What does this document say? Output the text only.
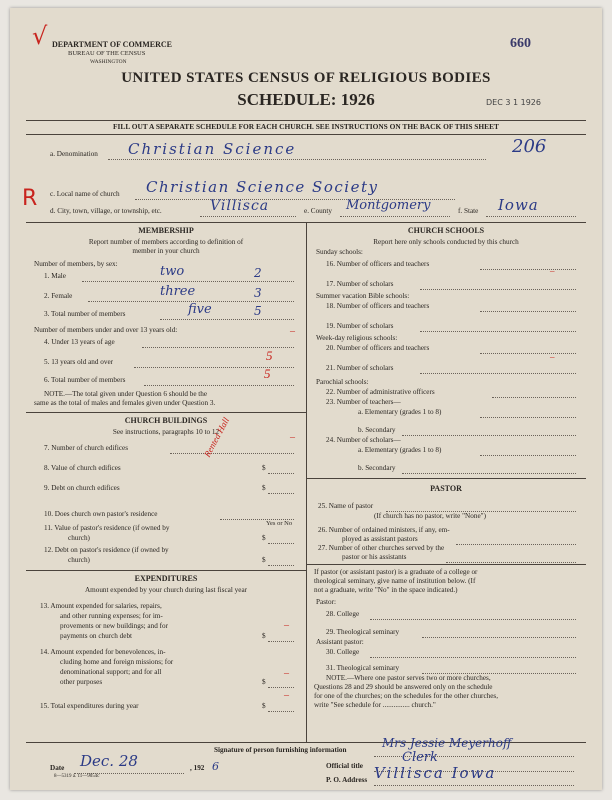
√
R
DEPARTMENT OF COMMERCE
BUREAU OF THE CENSUS
WASHINGTON
660
UNITED STATES CENSUS OF RELIGIOUS BODIES
SCHEDULE: 1926	DEC 3 1 1926
FILL OUT A SEPARATE SCHEDULE FOR EACH CHURCH. SEE INSTRUCTIONS ON THE BACK OF THIS SHEET
a. Denomination Christian Science	206
c. Local name of church Christian Science Society
d. City, town, village, or township, etc.	Villisca	e. County Montgomery	f. State Iowa
MEMBERSHIP
Report number of members according to definition of
member in your church
Number of members, by sex:
1. Male	two	2
2. Female	three	3
3. Total number of members	five	5
Number of members under and over 13 years old:
4. Under 13 years of age
–
5. 13 years old and over	5
6. Total number of members	5
NOTE.—The total given under Question 6 should be the
same as the total of males and females given under Question 3.
CHURCH BUILDINGS
See instructions, paragraphs 10 to 12
7. Number of church edifices
–
8. Value of church edifices	$
9. Debt on church edifices	$
Rented Hall
10. Does church own pastor's residence
Yes or No
11. Value of pastor's residence (if owned by
church)	$
12. Debt on pastor's residence (if owned by
church)	$
EXPENDITURES
Amount expended by your church during last fiscal year
13. Amount expended for salaries, repairs,
and other running expenses; for im-
provements or new buildings; and for
payments on church debt	$
–
14. Amount expended for benevolences, in-
cluding home and foreign missions; for
denominational support; and for all
other purposes	$
–
15. Total expenditures during year	$
–
CHURCH SCHOOLS
Report here only schools conducted by this church
Sunday schools:
16. Number of officers and teachers
17. Number of scholars
–
Summer vacation Bible schools:
18. Number of officers and teachers
19. Number of scholars
Week-day religious schools:
20. Number of officers and teachers
21. Number of scholars
–
Parochial schools:
22. Number of administrative officers
23. Number of teachers—
a. Elementary (grades 1 to 8)
b. Secondary
24. Number of scholars—
a. Elementary (grades 1 to 8)
b. Secondary
PASTOR
25. Name of pastor
(If church has no pastor, write "None")
26. Number of ordained ministers, if any, em-
ployed as assistant pastors
27. Number of other churches served by the
pastor or his assistants
If pastor (or assistant pastor) is a graduate of a college or
theological seminary, give name of institution below. (If
not a graduate, write "No" in the space indicated.)
Pastor:
28. College
29. Theological seminary
Assistant pastor:
30. College
31. Theological seminary
NOTE.—Where one pastor serves two or more churches,
Questions 28 and 29 should be answered only on the schedule
for one of the churches; on the schedules for the other churches,
write "See schedule for ............... church."
Signature of person furnishing information	Mrs Jessie Meyerhoff
Official title
Clerk
P. O. Address Villisca Iowa
Date Dec. 28	, 192 6
8—5319 a. 11—9054c
